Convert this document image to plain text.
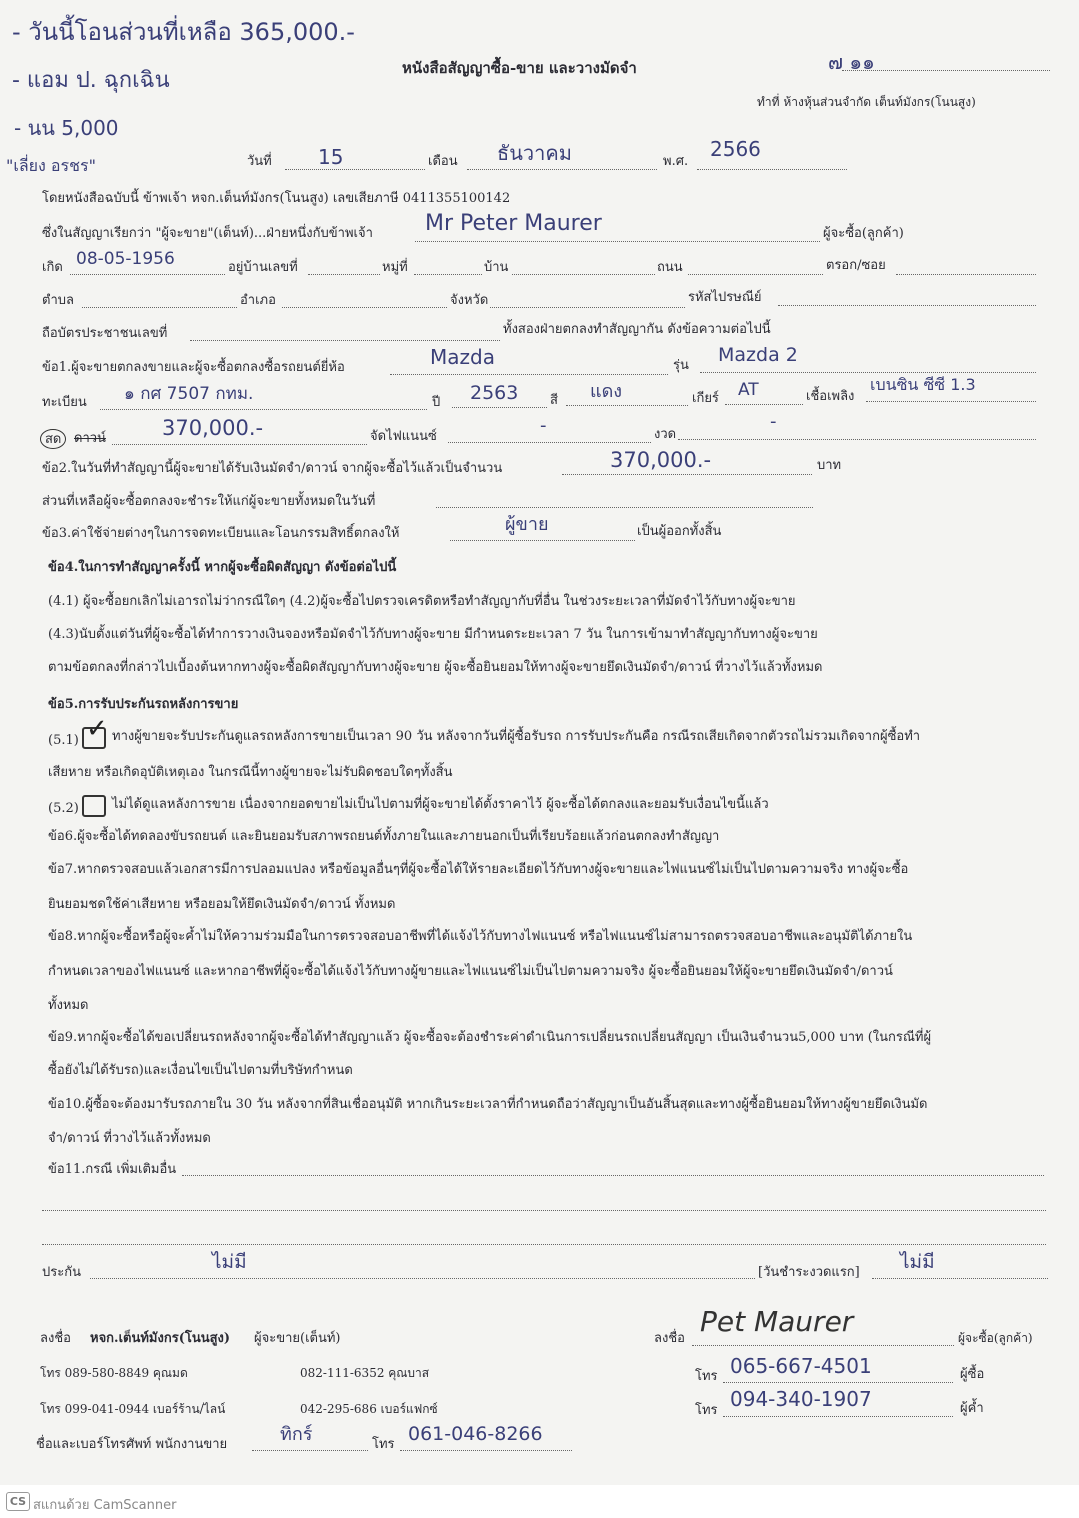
- วันนี้โอนส่วนที่เหลือ 365,000.-
- แอม ป. ฉุกเฉิน
- นน 5,000
"เลี่ยง อรชร"
หนังสือสัญญาซื้อ-ขาย และวางมัดจำ	๗ ๑๑
ทำที่ ห้างหุ้นส่วนจำกัด เต็นท์มังกร(โนนสูง)
วันที่ 15	เดือน ธันวาคม	พ.ศ.
2566
โดยหนังสือฉบับนี้ ข้าพเจ้า หจก.เต็นท์มังกร(โนนสูง) เลขเสียภาษี 0411355100142
ซึ่งในสัญญาเรียกว่า "ผู้จะขาย"(เต็นท์)...ฝ่ายหนึ่งกับข้าพเจ้า Mr Peter Maurer	ผู้จะซื้อ(ลูกค้า)
เกิด 08-05-1956	อยู่บ้านเลขที่	หมู่ที่	บ้าน	ถนน	ตรอก/ซอย
ตำบล	อำเภอ	จังหวัด	รหัสไปรษณีย์
ถือบัตรประชาชนเลขที่	ทั้งสองฝ่ายตกลงทำสัญญากัน ดังข้อความต่อไปนี้
ข้อ1.ผู้จะขายตกลงขายและผู้จะซื้อตกลงซื้อรถยนต์ยี่ห้อ	Mazda	รุ่น Mazda 2
ทะเบียน ๑ กศ 7507 กทม.	ปี 2563 สี แดง	เกียร์ AT	เชื้อเพลิง
เบนซิน ซีซี 1.3
สด ดาวน์	370,000.-	จัดไฟแนนซ์
-	งวด
-
ข้อ2.ในวันที่ทำสัญญานี้ผู้จะขายได้รับเงินมัดจำ/ดาวน์ จากผู้จะซื้อไว้แล้วเป็นจำนวน	370,000.-	บาท
ส่วนที่เหลือผู้จะซื้อตกลงจะชำระให้แก่ผู้จะขายทั้งหมดในวันที่
ข้อ3.ค่าใช้จ่ายต่างๆในการจดทะเบียนและโอนกรรมสิทธิ์ตกลงให้	ผู้ขาย	เป็นผู้ออกทั้งสิ้น
ข้อ4.ในการทำสัญญาครั้งนี้ หากผู้จะซื้อผิดสัญญา ดังข้อต่อไปนี้
(4.1) ผู้จะซื้อยกเลิกไม่เอารถไม่ว่ากรณีใดๆ (4.2)ผู้จะซื้อไปตรวจเครดิตหรือทำสัญญากับที่อื่น ในช่วงระยะเวลาที่มัดจำไว้กับทางผู้จะขาย
(4.3)นับตั้งแต่วันที่ผู้จะซื้อได้ทำการวางเงินจองหรือมัดจำไว้กับทางผู้จะขาย มีกำหนดระยะเวลา 7 วัน ในการเข้ามาทำสัญญากับทางผู้จะขาย
ตามข้อตกลงที่กล่าวไปเบื้องต้นหากทางผู้จะซื้อผิดสัญญากับทางผู้จะขาย ผู้จะซื้อยินยอมให้ทางผู้จะขายยึดเงินมัดจำ/ดาวน์ ที่วางไว้แล้วทั้งหมด
ข้อ5.การรับประกันรถหลังการขาย
(5.1) ✓ ทางผู้ขายจะรับประกันดูแลรถหลังการขายเป็นเวลา 90 วัน หลังจากวันที่ผู้ซื้อรับรถ การรับประกันคือ กรณีรถเสียเกิดจากตัวรถไม่รวมเกิดจากผู้ซื้อทำ
เสียหาย หรือเกิดอุบัติเหตุเอง ในกรณีนี้ทางผู้ขายจะไม่รับผิดชอบใดๆทั้งสิ้น
(5.2)	ไม่ได้ดูแลหลังการขาย เนื่องจากยอดขายไม่เป็นไปตามที่ผู้จะขายได้ตั้งราคาไว้ ผู้จะซื้อได้ตกลงและยอมรับเงื่อนไขนี้แล้ว
ข้อ6.ผู้จะซื้อได้ทดลองขับรถยนต์ และยินยอมรับสภาพรถยนต์ทั้งภายในและภายนอกเป็นที่เรียบร้อยแล้วก่อนตกลงทำสัญญา
ข้อ7.หากตรวจสอบแล้วเอกสารมีการปลอมแปลง หรือข้อมูลอื่นๆที่ผู้จะซื้อได้ให้รายละเอียดไว้กับทางผู้จะขายและไฟแนนซ์ไม่เป็นไปตามความจริง ทางผู้จะซื้อ
ยินยอมชดใช้ค่าเสียหาย หรือยอมให้ยึดเงินมัดจำ/ดาวน์ ทั้งหมด
ข้อ8.หากผู้จะซื้อหรือผู้จะค้ำไม่ให้ความร่วมมือในการตรวจสอบอาชีพที่ได้แจ้งไว้กับทางไฟแนนซ์ หรือไฟแนนซ์ไม่สามารถตรวจสอบอาชีพและอนุมัติได้ภายใน
กำหนดเวลาของไฟแนนซ์ และหากอาชีพที่ผู้จะซื้อได้แจ้งไว้กับทางผู้ขายและไฟแนนซ์ไม่เป็นไปตามความจริง ผู้จะซื้อยินยอมให้ผู้จะขายยึดเงินมัดจำ/ดาวน์
ทั้งหมด
ข้อ9.หากผู้จะซื้อได้ขอเปลี่ยนรถหลังจากผู้จะซื้อได้ทำสัญญาแล้ว ผู้จะซื้อจะต้องชำระค่าดำเนินการเปลี่ยนรถเปลี่ยนสัญญา เป็นเงินจำนวน5,000 บาท (ในกรณีที่ผู้
ซื้อยังไม่ได้รับรถ)และเงื่อนไขเป็นไปตามที่บริษัทกำหนด
ข้อ10.ผู้ซื้อจะต้องมารับรถภายใน 30 วัน หลังจากที่สินเชื่ออนุมัติ หากเกินระยะเวลาที่กำหนดถือว่าสัญญาเป็นอันสิ้นสุดและทางผู้ซื้อยินยอมให้ทางผู้ขายยึดเงินมัด
จำ/ดาวน์ ที่วางไว้แล้วทั้งหมด
ข้อ11.กรณี เพิ่มเติมอื่น
ประกัน	ไม่มี	[วันชำระงวดแรก] ไม่มี
ลงชื่อ หจก.เต็นท์มังกร(โนนสูง) ผู้จะขาย(เต็นท์)	ลงชื่อ
Pet Maurer	ผู้จะซื้อ(ลูกค้า)
โทร 089-580-8849 คุณมด	082-111-6352 คุณบาส
โทร 099-041-0944 เบอร์ร้าน/ไลน์	042-295-686 เบอร์แฟกซ์
โทร 065-667-4501	ผู้ซื้อ
โทร 094-340-1907	ผู้ค้ำ
ชื่อและเบอร์โทรศัพท์ พนักงานขาย	ทิกร์	โทร 061-046-8266
CS สแกนด้วย CamScanner
